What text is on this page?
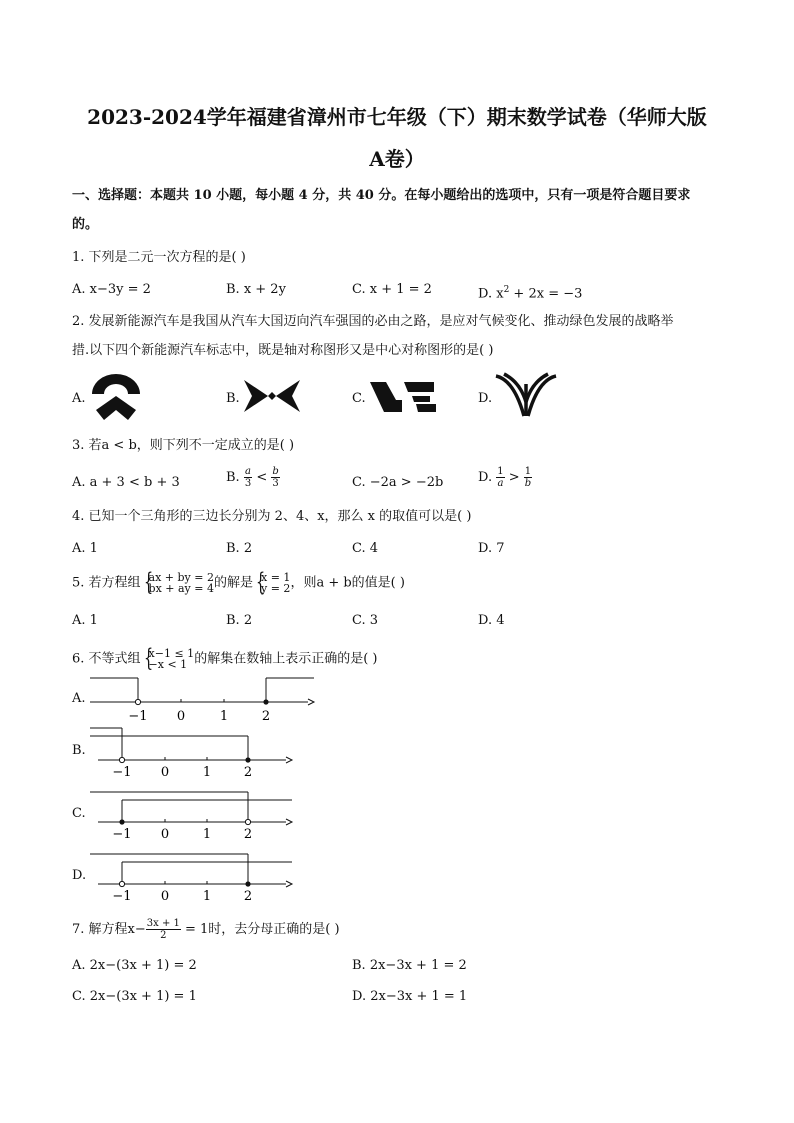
2023-2024学年福建省漳州市七年级（下）期末数学试卷（华师大版
A卷）
一、选择题：本题共 10 小题，每小题 4 分，共 40 分。在每小题给出的选项中，只有一项是符合题目要求
的。
1. 下列是二元一次方程的是( )
A. x−3y = 2	B. x + 2y	C. x + 1 = 2	D. $x^2 + 2x = -3$
2. 发展新能源汽车是我国从汽车大国迈向汽车强国的必由之路，是应对气候变化、推动绿色发展的战略举
措.以下四个新能源汽车标志中，既是轴对称图形又是中心对称图形的是( )
A.	B.	C.	D.
3. 若a < b，则下列不一定成立的是( )
A. a + 3 < b + 3	B. $\frac{a}{3} < \frac{b}{3}$	C. −2a > −2b	D. $\frac{1}{a} > \frac{1}{b}$
4. 已知一个三角形的三边长分别为 2、4、x，那么 x 的取值可以是( )
A. 1	B. 2	C. 4	D. 7
5. 若方程组 {
ax + by = 2
bx + ay = 4 的解是 {
x = 1
y = 2 ，则a + b的值是( )
A. 1	B. 2	C. 3	D. 4
6. 不等式组 {
x−1 ≤ 1
−x < 1 的解集在数轴上表示正确的是( )
A.
−1 0	1	2
B.
−1 0	1	2
C.
−1 0	1	2
D.
−1 0	1	2
7. 解方程$x- \frac{3x + 1}{2} = 1$时，去分母正确的是( )
A. 2x−(3x + 1) = 2	B. 2x−3x + 1 = 2
C. 2x−(3x + 1) = 1	D. 2x−3x + 1 = 1
